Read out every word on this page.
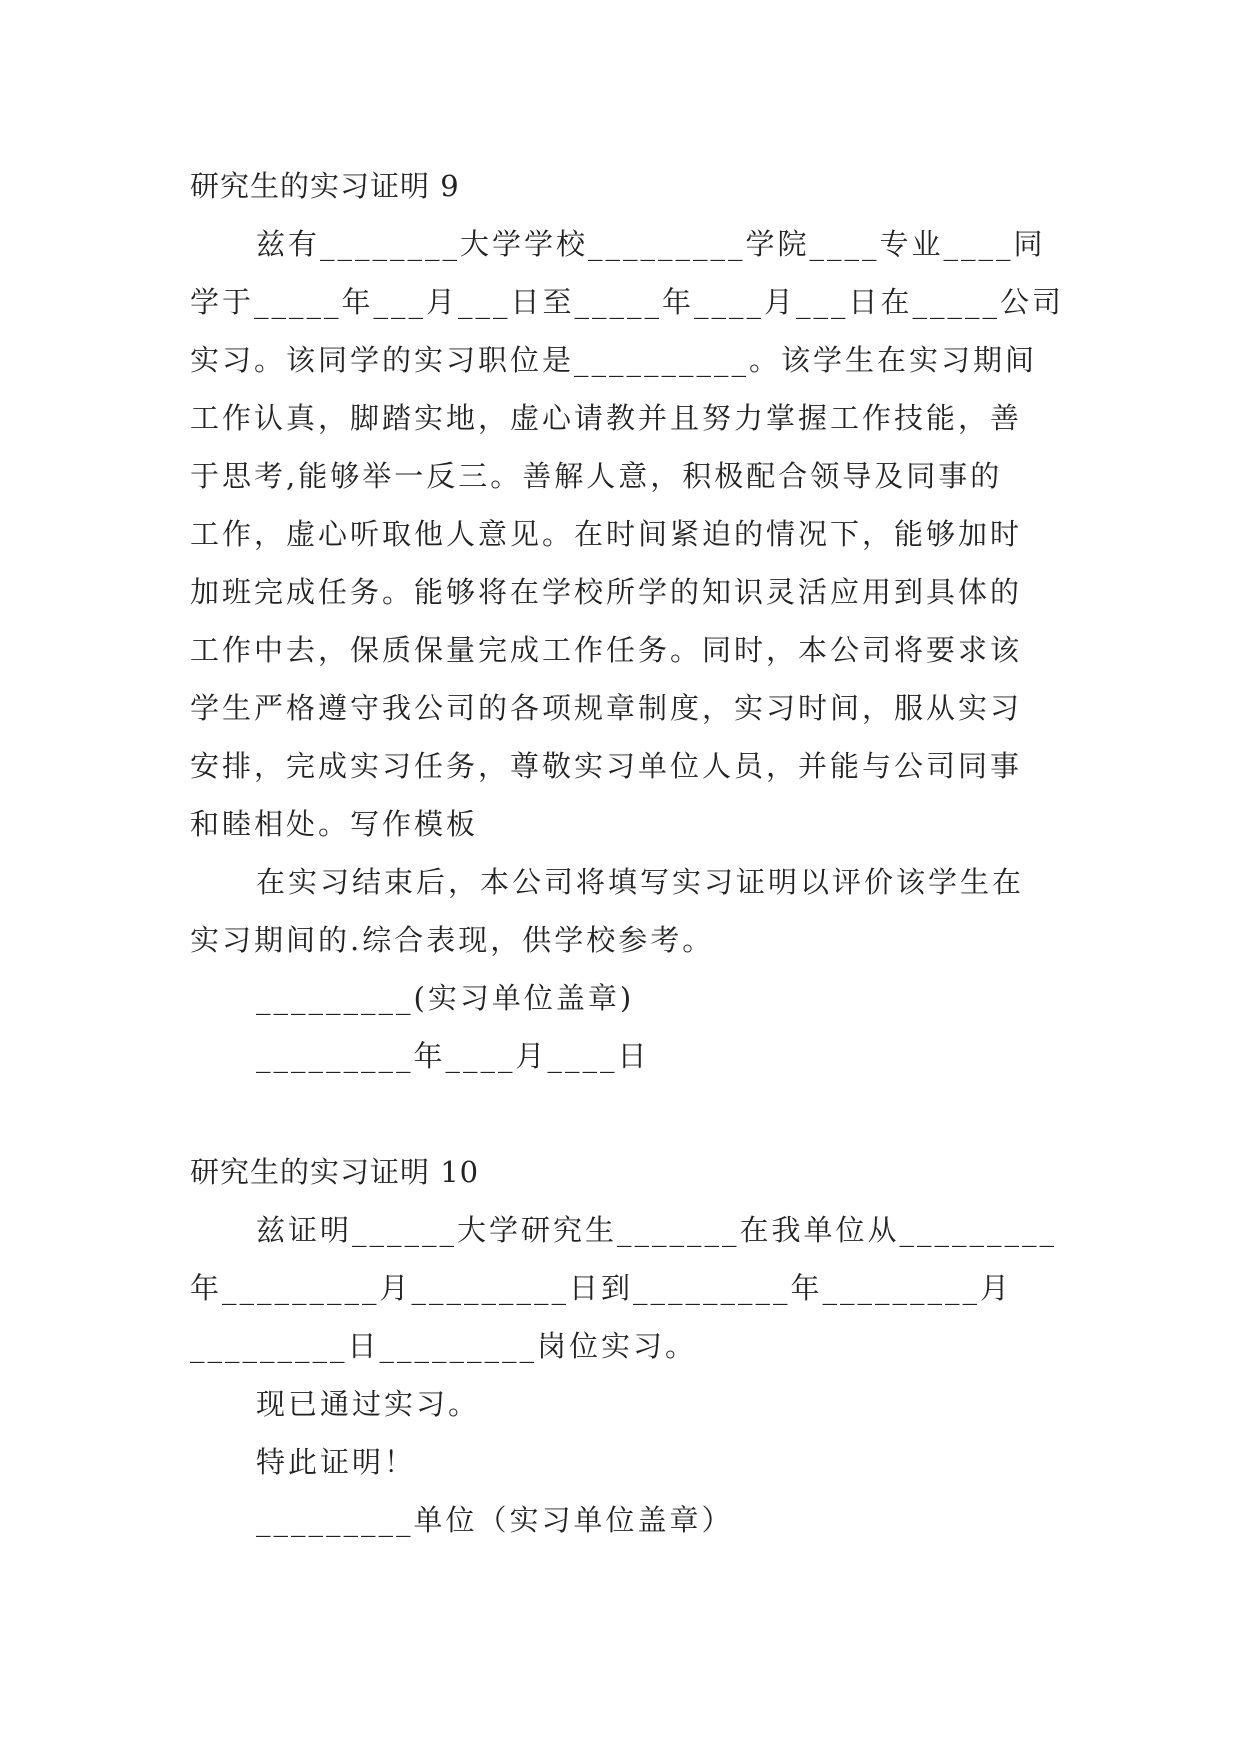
研究生的实习证明 9

兹有________大学学校_________学院____专业____同

学于_____年___月___日至_____年____月___日在_____公司

实习。该同学的实习职位是__________。该学生在实习期间

工作认真，脚踏实地，虚心请教并且努力掌握工作技能，善

于思考,能够举一反三。善解人意，积极配合领导及同事的

工作，虚心听取他人意见。在时间紧迫的情况下，能够加时

加班完成任务。能够将在学校所学的知识灵活应用到具体的

工作中去，保质保量完成工作任务。同时，本公司将要求该

学生严格遵守我公司的各项规章制度，实习时间，服从实习

安排，完成实习任务，尊敬实习单位人员，并能与公司同事

和睦相处。写作模板

在实习结束后，本公司将填写实习证明以评价该学生在

实习期间的.综合表现，供学校参考。

_________(实习单位盖章)

_________年____月____日

研究生的实习证明 10

兹证明______大学研究生_______在我单位从_________

年_________月_________日到_________年_________月

_________日_________岗位实习。

现已通过实习。

特此证明！

_________单位（实习单位盖章）
